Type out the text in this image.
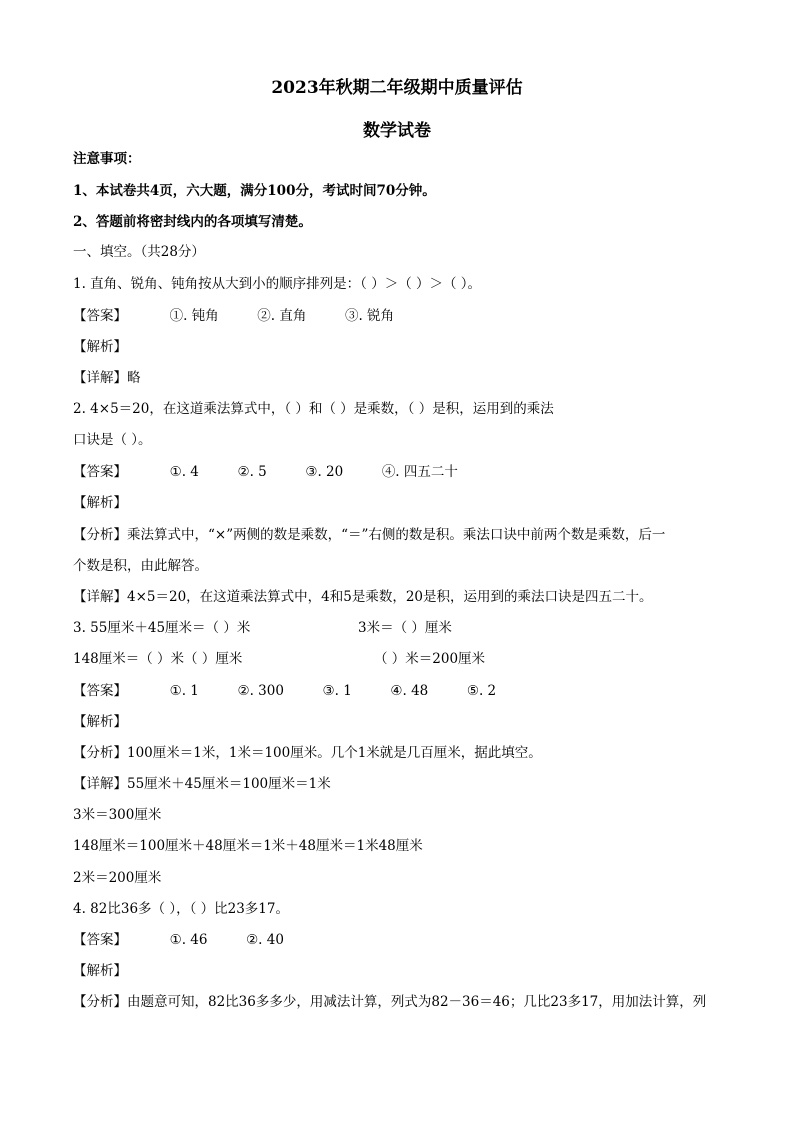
2023年秋期二年级期中质量评估
数学试卷
注意事项：
1、本试卷共4页，六大题，满分100分，考试时间70分钟。
2、答题前将密封线内的各项填写清楚。
一、填空。（共28分）
1. 直角、锐角、钝角按从大到小的顺序排列是：（ ）＞（ ）＞（ ）。
【答案】	①. 钝角	②. 直角	③. 锐角
【解析】
【详解】略
2. 4×5＝20，在这道乘法算式中，（ ）和（ ）是乘数，（ ）是积，运用到的乘法
口诀是（ ）。
【答案】	①. 4	②. 5	③. 20	④. 四五二十
【解析】
【分析】乘法算式中，“×”两侧的数是乘数，“＝”右侧的数是积。乘法口诀中前两个数是乘数，后一
个数是积，由此解答。
【详解】4×5＝20，在这道乘法算式中，4和5是乘数，20是积，运用到的乘法口诀是四五二十。
3. 55厘米＋45厘米＝（ ）米	3米＝（ ）厘米
148厘米＝（ ）米（ ）厘米	（ ）米＝200厘米
【答案】	①. 1	②. 300	③. 1	④. 48	⑤. 2
【解析】
【分析】100厘米＝1米，1米＝100厘米。几个1米就是几百厘米，据此填空。
【详解】55厘米＋45厘米＝100厘米＝1米
3米＝300厘米
148厘米＝100厘米＋48厘米＝1米＋48厘米＝1米48厘米
2米＝200厘米
4. 82比36多（ ），（ ）比23多17。
【答案】	①. 46	②. 40
【解析】
【分析】由题意可知，82比36多多少，用减法计算，列式为82－36＝46；几比23多17，用加法计算，列
